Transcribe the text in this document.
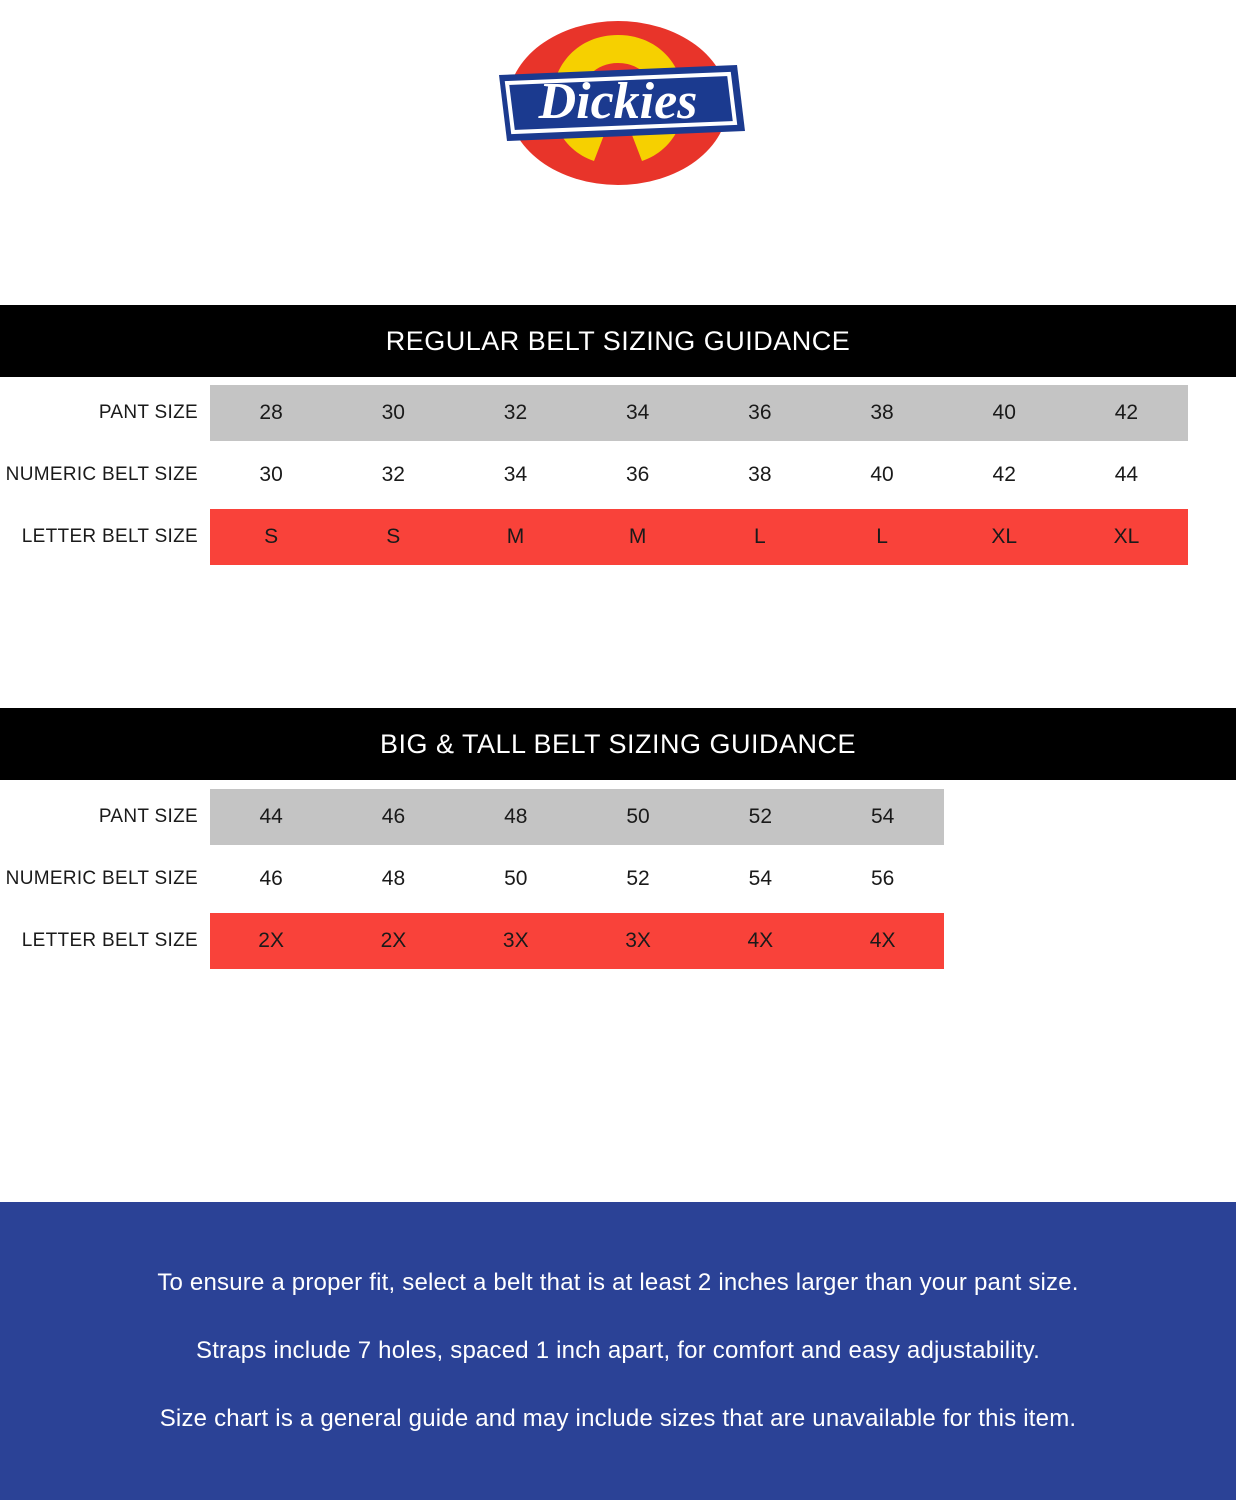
Dickies
REGULAR BELT SIZING GUIDANCE
PANT SIZE	28	30	32	34	36	38	40	42
NUMERIC BELT SIZE	30	32	34	36	38	40	42	44
LETTER BELT SIZE	S	S	M	M	L	L	XL	XL
BIG & TALL BELT SIZING GUIDANCE
PANT SIZE	44	46	48	50	52	54
NUMERIC BELT SIZE	46	48	50	52	54	56
LETTER BELT SIZE	2X	2X	3X	3X	4X	4X

To ensure a proper fit, select a belt that is at least 2 inches larger than your pant size.

Straps include 7 holes, spaced 1 inch apart, for comfort and easy adjustability.

Size chart is a general guide and may include sizes that are unavailable for this item.
